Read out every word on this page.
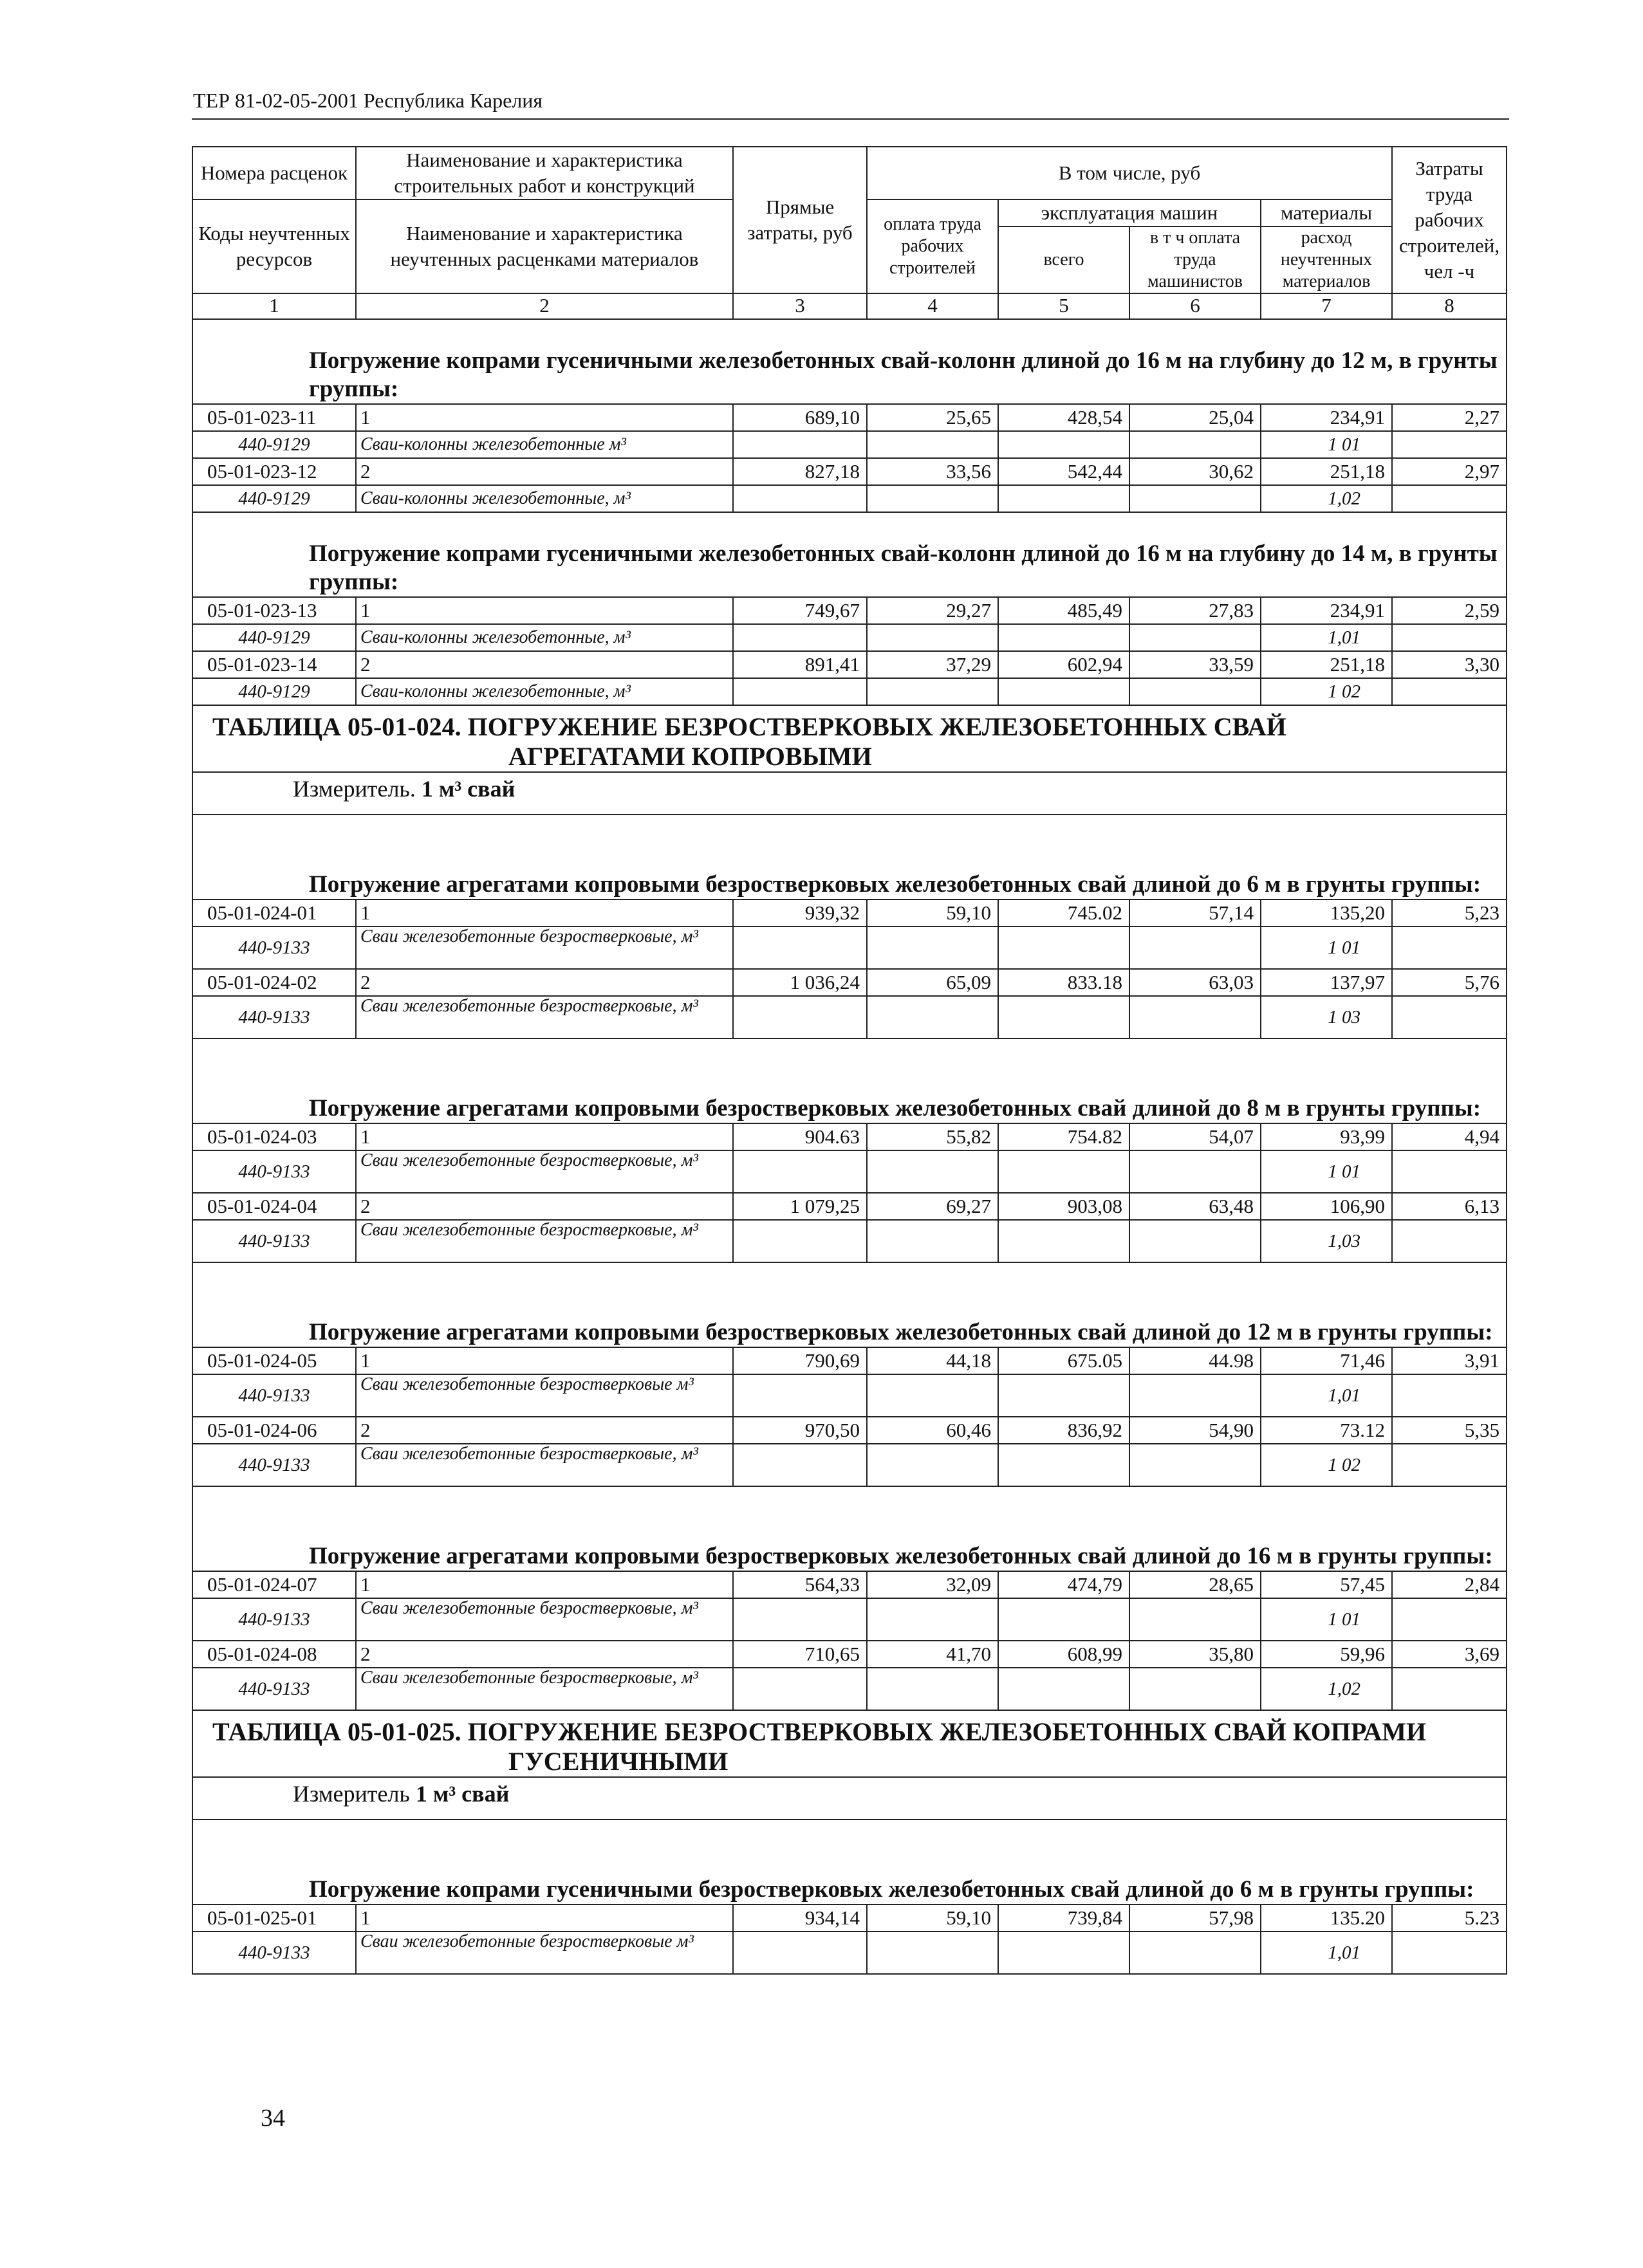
ТЕР 81-02-05-2001 Республика Карелия
Номера расценок	Наименование и характеристика строительных работ и конструкций	Прямые затраты, руб	В том числе, руб				Затраты труда рабочих строителей, чел -ч
Коды неучтенных ресурсов	Наименование и характеристика неучтенных расценками материалов		оплата труда рабочих строителей	эксплуатация машин		материалы	
				всего	в т ч оплата труда машинистов	расход неучтенных материалов	

1	2	3	4	5	6	7	8
Погружение копрами гусеничными железобетонных свай-колонн длиной до 16 м на глубину до 12 м, в грунты группы:							
05-01-023-11	1	689,10	25,65	428,54	25,04	234,91	2,27
440-9129	Сваи-колонны железобетонные м³					1 01	
05-01-023-12	2	827,18	33,56	542,44	30,62	251,18	2,97
440-9129	Сваи-колонны железобетонные, м³					1,02	
Погружение копрами гусеничными железобетонных свай-колонн длиной до 16 м на глубину до 14 м, в грунты группы:							
05-01-023-13	1	749,67	29,27	485,49	27,83	234,91	2,59
440-9129	Сваи-колонны железобетонные, м³					1,01	
05-01-023-14	2	891,41	37,29	602,94	33,59	251,18	3,30
440-9129	Сваи-колонны железобетонные, м³					1 02	
ТАБЛИЦА 05-01-024. ПОГРУЖЕНИЕ БЕЗРОСТВЕРКОВЫХ ЖЕЛЕЗОБЕТОННЫХ СВАЙ
АГРЕГАТАМИ КОПРОВЫМИ							

Измеритель. 1 м³ свай							
Погружение агрегатами копровыми безростверковых железобетонных свай длиной до 6 м в грунты группы:							
05-01-024-01	1	939,32	59,10	745.02	57,14	135,20	5,23
440-9133	Сваи железобетонные безростверковые, м³					1 01	
05-01-024-02	2	1 036,24	65,09	833.18	63,03	137,97	5,76
440-9133	Сваи железобетонные безростверковые, м³					1 03	
Погружение агрегатами копровыми безростверковых железобетонных свай длиной до 8 м в грунты группы:							
05-01-024-03	1	904.63	55,82	754.82	54,07	93,99	4,94
440-9133	Сваи железобетонные безростверковые, м³					1 01	
05-01-024-04	2	1 079,25	69,27	903,08	63,48	106,90	6,13
440-9133	Сваи железобетонные безростверковые, м³					1,03	
Погружение агрегатами копровыми безростверковых железобетонных свай длиной до 12 м в грунты группы:							
05-01-024-05	1	790,69	44,18	675.05	44.98	71,46	3,91
440-9133	Сваи железобетонные безростверковые м³					1,01	
05-01-024-06	2	970,50	60,46	836,92	54,90	73.12	5,35
440-9133	Сваи железобетонные безростверковые, м³					1 02	
Погружение агрегатами копровыми безростверковых железобетонных свай длиной до 16 м в грунты группы:							
05-01-024-07	1	564,33	32,09	474,79	28,65	57,45	2,84
440-9133	Сваи железобетонные безростверковые, м³					1 01	
05-01-024-08	2	710,65	41,70	608,99	35,80	59,96	3,69
440-9133	Сваи железобетонные безростверковые, м³					1,02	
ТАБЛИЦА 05-01-025. ПОГРУЖЕНИЕ БЕЗРОСТВЕРКОВЫХ ЖЕЛЕЗОБЕТОННЫХ СВАЙ КОПРАМИ
ГУСЕНИЧНЫМИ							

Измеритель 1 м³ свай							
Погружение копрами гусеничными безростверковых железобетонных свай длиной до 6 м в грунты группы:							
05-01-025-01	1	934,14	59,10	739,84	57,98	135.20	5.23
440-9133	Сваи железобетонные безростверковые м³					1,01	
34
